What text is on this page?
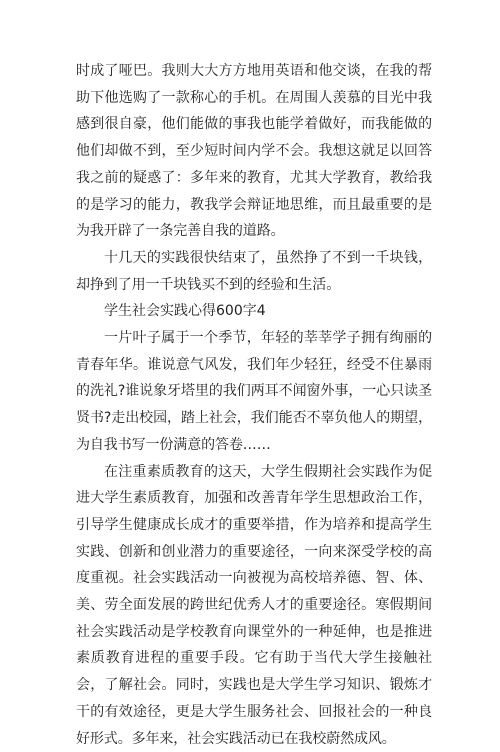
时成了哑巴。我则大大方方地用英语和他交谈，在我的帮助下他选购了一款称心的手机。在周围人羡慕的目光中我感到很自豪，他们能做的事我也能学着做好，而我能做的他们却做不到，至少短时间内学不会。我想这就足以回答我之前的疑惑了：多年来的教育，尤其大学教育，教给我的是学习的能力，教我学会辩证地思维，而且最重要的是为我开辟了一条完善自我的道路。

十几天的实践很快结束了，虽然挣了不到一千块钱，却挣到了用一千块钱买不到的经验和生活。

学生社会实践心得600字4

一片叶子属于一个季节，年轻的莘莘学子拥有绚丽的青春年华。谁说意气风发，我们年少轻狂，经受不住暴雨的洗礼?谁说象牙塔里的我们两耳不闻窗外事，一心只读圣贤书?走出校园，踏上社会，我们能否不辜负他人的期望，为自我书写一份满意的答卷……

在注重素质教育的这天，大学生假期社会实践作为促进大学生素质教育，加强和改善青年学生思想政治工作，引导学生健康成长成才的重要举措，作为培养和提高学生实践、创新和创业潜力的重要途径，一向来深受学校的高度重视。社会实践活动一向被视为高校培养德、智、体、美、劳全面发展的跨世纪优秀人才的重要途径。寒假期间社会实践活动是学校教育向课堂外的一种延伸，也是推进素质教育进程的重要手段。它有助于当代大学生接触社会，了解社会。同时，实践也是大学生学习知识、锻炼才干的有效途径，更是大学生服务社会、回报社会的一种良好形式。多年来，社会实践活动已在我校蔚然成风。
